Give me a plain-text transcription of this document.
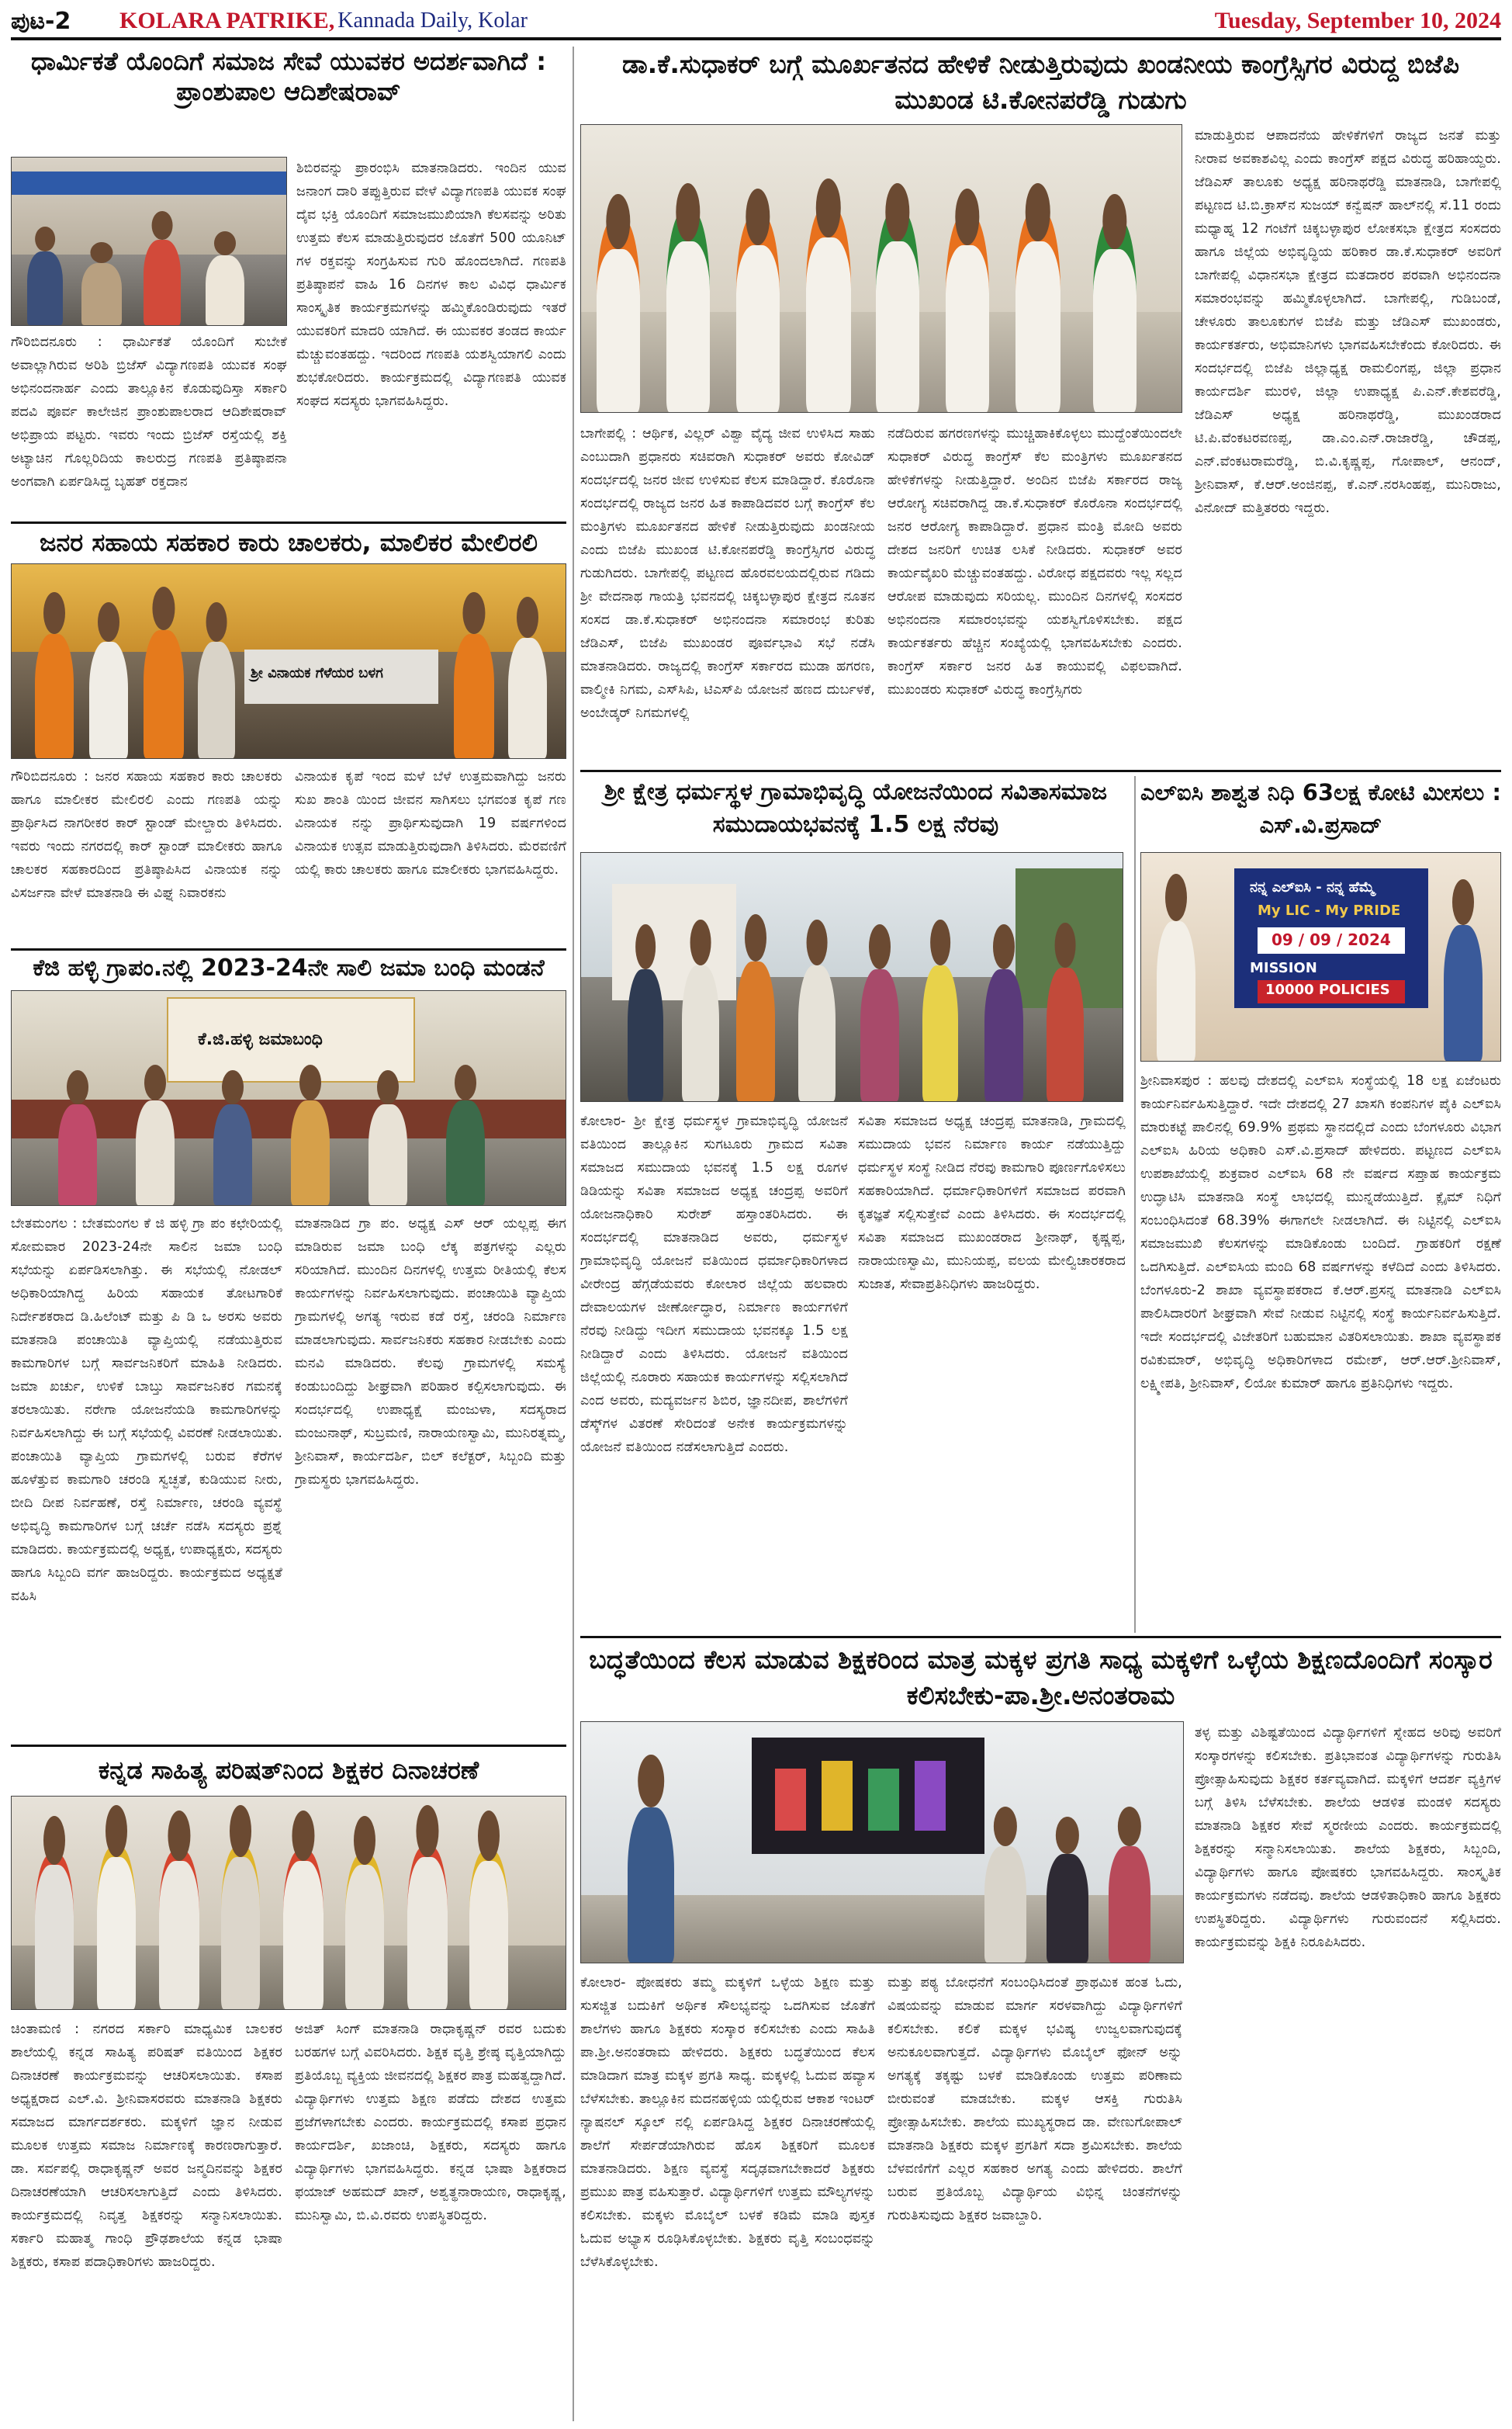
ಪುಟ-2	KOLARA PATRIKE, Kannada Daily, Kolar	Tuesday, September 10, 2024
ಧಾರ್ಮಿಕತೆ ಯೊಂದಿಗೆ ಸಮಾಜ ಸೇವೆ ಯುವಕರ ಅದರ್ಶವಾಗಿದೆ : ಪ್ರಾಂಶುಪಾಲ ಆದಿಶೇಷರಾವ್
ಗೌರಿಬಿದನೂರು : ಧಾರ್ಮಿಕತೆ ಯೊಂದಿಗೆ ಸುಬೇಕೆ ಅವಾಲ್ಲಾಗಿರುವ ಅರಿಶಿ ಬ್ರಿಜೆಸ್ ವಿದ್ಯಾಗಣಪತಿ ಯುವಕ ಸಂಘ ಅಭಿನಂದನಾರ್ಹ ಎಂದು ತಾಲ್ಲೂಕಿನ ಕೊಡುವುದಿಸ್ತಾ ಸರ್ಕಾರಿ ಪದವಿ ಪೂರ್ವ ಕಾಲೇಜಿನ ಪ್ರಾಂಶುಪಾಲರಾದ ಆದಿಶೇಷರಾವ್ ಅಭಿಪ್ರಾಯ ಪಟ್ಟರು. ಇವರು ಇಂದು ಬ್ರಿಜೆಸ್ ರಸ್ತೆಯಲ್ಲಿ ಶಕ್ತಿ ಅಟ್ಯಾಚಿನ ಗೊಲ್ಲರಿದಿಯ ಕಾಲರುದ್ರ ಗಣಪತಿ ಪ್ರತಿಷ್ಠಾಪನಾ ಅಂಗವಾಗಿ ಏರ್ಪಡಿಸಿದ್ದ ಬೃಹತ್ ರಕ್ತದಾನ
ಶಿಬಿರವನ್ನು ಪ್ರಾರಂಭಿಸಿ ಮಾತನಾಡಿದರು. ಇಂದಿನ ಯುವ ಜನಾಂಗ ದಾರಿ ತಪ್ಪುತ್ತಿರುವ ವೇಳೆ ವಿದ್ಯಾಗಣಪತಿ ಯುವಕ ಸಂಘ ದೈವ ಭಕ್ತಿ ಯೊಂದಿಗೆ ಸಮಾಜಮುಖಿಯಾಗಿ ಕೆಲಸವನ್ನು ಅರಿತು ಉತ್ತಮ ಕೆಲಸ ಮಾಡುತ್ತಿರುವುದರ ಜೊತೆಗೆ 500 ಯೂನಿಟ್ ಗಳ ರಕ್ತವನ್ನು ಸಂಗ್ರಹಿಸುವ ಗುರಿ ಹೊಂದಲಾಗಿದೆ. ಗಣಪತಿ ಪ್ರತಿಷ್ಠಾಪನೆ ವಾಹಿ 16 ದಿನಗಳ ಕಾಲ ವಿವಿಧ ಧಾರ್ಮಿಕ ಸಾಂಸ್ಕೃತಿಕ ಕಾರ್ಯಕ್ರಮಗಳನ್ನು ಹಮ್ಮಿಕೊಂಡಿರುವುದು ಇತರೆ ಯುವಕರಿಗೆ ಮಾದರಿ ಯಾಗಿದೆ. ಈ ಯುವಕರ ತಂಡದ ಕಾರ್ಯ ಮೆಚ್ಚುವಂತಹದ್ದು. ಇದರಿಂದ ಗಣಪತಿ ಯಶಸ್ವಿಯಾಗಲಿ ಎಂದು ಶುಭಕೋರಿದರು. ಕಾರ್ಯಕ್ರಮದಲ್ಲಿ ವಿದ್ಯಾಗಣಪತಿ ಯುವಕ ಸಂಘದ ಸದಸ್ಯರು ಭಾಗವಹಿಸಿದ್ದರು.
ಜನರ ಸಹಾಯ ಸಹಕಾರ ಕಾರು ಚಾಲಕರು, ಮಾಲಿಕರ ಮೇಲಿರಲಿ
ಶ್ರೀ ವಿನಾಯಕ ಗೆಳೆಯರ ಬಳಗ
ಗೌರಿಬಿದನೂರು : ಜನರ ಸಹಾಯ ಸಹಕಾರ ಕಾರು ಚಾಲಕರು ಹಾಗೂ ಮಾಲೀಕರ ಮೇಲಿರಲಿ ಎಂದು ಗಣಪತಿ ಯನ್ನು ಪ್ರಾರ್ಥಿಸಿದ ನಾಗರೀಕರ ಕಾರ್ ಸ್ಟಾಂಡ್ ಮೇಲ್ದಾರು ತಿಳಿಸಿದರು. ಇವರು ಇಂದು ನಗರದಲ್ಲಿ ಕಾರ್ ಸ್ಟಾಂಡ್ ಮಾಲೀಕರು ಹಾಗೂ ಚಾಲಕರ ಸಹಕಾರದಿಂದ ಪ್ರತಿಷ್ಠಾಪಿಸಿದ ವಿನಾಯಕ ನನ್ನು ವಿಸರ್ಜನಾ ವೇಳೆ ಮಾತನಾಡಿ ಈ ವಿಘ್ನ ನಿವಾರಕನು
ವಿನಾಯಕ ಕೃಪೆ ಇಂದ ಮಳೆ ಬೆಳೆ ಉತ್ತಮವಾಗಿದ್ದು ಜನರು ಸುಖ ಶಾಂತಿ ಯಿಂದ ಜೀವನ ಸಾಗಿಸಲು ಭಗವಂತ ಕೃಪೆ ಗಣ ವಿನಾಯಕ ನನ್ನು ಪ್ರಾರ್ಥಿಸುವುದಾಗಿ 19 ವರ್ಷಗಳಿಂದ ವಿನಾಯಕ ಉತ್ಸವ ಮಾಡುತ್ತಿರುವುದಾಗಿ ತಿಳಿಸಿದರು. ಮೆರವಣಿಗೆ ಯಲ್ಲಿ ಕಾರು ಚಾಲಕರು ಹಾಗೂ ಮಾಲೀಕರು ಭಾಗವಹಿಸಿದ್ದರು.
ಕೆಜಿ ಹಳ್ಳಿ ಗ್ರಾಪಂ.ನಲ್ಲಿ 2023-24ನೇ ಸಾಲಿ ಜಮಾ ಬಂಧಿ ಮಂಡನೆ
ಕೆ.ಜಿ.ಹಳ್ಳಿ ಜಮಾಬಂಧಿ
ಬೇತಮಂಗಲ : ಬೇತಮಂಗಲ ಕೆ ಜಿ ಹಳ್ಳಿ ಗ್ರಾ ಪಂ ಕಛೇರಿಯಲ್ಲಿ ಸೋಮವಾರ 2023-24ನೇ ಸಾಲಿನ ಜಮಾ ಬಂಧಿ ಸಭೆಯನ್ನು ಏರ್ಪಡಿಸಲಾಗಿತ್ತು. ಈ ಸಭೆಯಲ್ಲಿ ನೋಡಲ್ ಅಧಿಕಾರಿಯಾಗಿದ್ದ ಹಿರಿಯ ಸಹಾಯಕ ತೋಟಗಾರಿಕೆ ನಿರ್ದೇಶಕರಾದ ಡಿ.ಹಿಲೆಂಟ್ ಮತ್ತು ಪಿ ಡಿ ಒ ಅರಸು ಅವರು ಮಾತನಾಡಿ ಪಂಚಾಯಿತಿ ವ್ಯಾಪ್ತಿಯಲ್ಲಿ ನಡೆಯುತ್ತಿರುವ ಕಾಮಗಾರಿಗಳ ಬಗ್ಗೆ ಸಾರ್ವಜನಿಕರಿಗೆ ಮಾಹಿತಿ ನೀಡಿದರು. ಜಮಾ ಖರ್ಚು, ಉಳಿಕೆ ಬಾಬ್ತು ಸಾರ್ವಜನಿಕರ ಗಮನಕ್ಕೆ ತರಲಾಯಿತು. ನರೇಗಾ ಯೋಜನೆಯಡಿ ಕಾಮಗಾರಿಗಳನ್ನು ನಿರ್ವಹಿಸಲಾಗಿದ್ದು ಈ ಬಗ್ಗೆ ಸಭೆಯಲ್ಲಿ ವಿವರಣೆ ನೀಡಲಾಯಿತು. ಪಂಚಾಯಿತಿ ವ್ಯಾಪ್ತಿಯ ಗ್ರಾಮಗಳಲ್ಲಿ ಬರುವ ಕೆರೆಗಳ ಹೂಳೆತ್ತುವ ಕಾಮಗಾರಿ ಚರಂಡಿ ಸ್ವಚ್ಛತೆ, ಕುಡಿಯುವ ನೀರು, ಬೀದಿ ದೀಪ ನಿರ್ವಹಣೆ, ರಸ್ತೆ ನಿರ್ಮಾಣ, ಚರಂಡಿ ವ್ಯವಸ್ಥೆ ಅಭಿವೃದ್ಧಿ ಕಾಮಗಾರಿಗಳ ಬಗ್ಗೆ ಚರ್ಚೆ ನಡೆಸಿ ಸದಸ್ಯರು ಪ್ರಶ್ನೆ ಮಾಡಿದರು. ಕಾರ್ಯಕ್ರಮದಲ್ಲಿ ಅಧ್ಯಕ್ಷ, ಉಪಾಧ್ಯಕ್ಷರು, ಸದಸ್ಯರು ಹಾಗೂ ಸಿಬ್ಬಂದಿ ವರ್ಗ ಹಾಜರಿದ್ದರು. ಕಾರ್ಯಕ್ರಮದ ಅಧ್ಯಕ್ಷತೆ ವಹಿಸಿ
ಮಾತನಾಡಿದ ಗ್ರಾ ಪಂ. ಅಧ್ಯಕ್ಷ ಎಸ್ ಆರ್ ಯಲ್ಲಪ್ಪ ಈಗ ಮಾಡಿರುವ ಜಮಾ ಬಂಧಿ ಲೆಕ್ಕ ಪತ್ರಗಳನ್ನು ಎಲ್ಲರು ಸರಿಯಾಗಿದೆ. ಮುಂದಿನ ದಿನಗಳಲ್ಲಿ ಉತ್ತಮ ರೀತಿಯಲ್ಲಿ ಕೆಲಸ ಕಾರ್ಯಗಳನ್ನು ನಿರ್ವಹಿಸಲಾಗುವುದು. ಪಂಚಾಯಿತಿ ವ್ಯಾಪ್ತಿಯ ಗ್ರಾಮಗಳಲ್ಲಿ ಅಗತ್ಯ ಇರುವ ಕಡೆ ರಸ್ತೆ, ಚರಂಡಿ ನಿರ್ಮಾಣ ಮಾಡಲಾಗುವುದು. ಸಾರ್ವಜನಿಕರು ಸಹಕಾರ ನೀಡಬೇಕು ಎಂದು ಮನವಿ ಮಾಡಿದರು. ಕೆಲವು ಗ್ರಾಮಗಳಲ್ಲಿ ಸಮಸ್ಯೆ ಕಂಡುಬಂದಿದ್ದು ಶೀಘ್ರವಾಗಿ ಪರಿಹಾರ ಕಲ್ಪಿಸಲಾಗುವುದು. ಈ ಸಂದರ್ಭದಲ್ಲಿ ಉಪಾಧ್ಯಕ್ಷೆ ಮಂಜುಳಾ, ಸದಸ್ಯರಾದ ಮಂಜುನಾಥ್, ಸುಬ್ರಮಣಿ, ನಾರಾಯಣಸ್ವಾಮಿ, ಮುನಿರತ್ನಮ್ಮ, ಶ್ರೀನಿವಾಸ್, ಕಾರ್ಯದರ್ಶಿ, ಬಿಲ್ ಕಲೆಕ್ಟರ್, ಸಿಬ್ಬಂದಿ ಮತ್ತು ಗ್ರಾಮಸ್ಥರು ಭಾಗವಹಿಸಿದ್ದರು.
ಕನ್ನಡ ಸಾಹಿತ್ಯ ಪರಿಷತ್‌ನಿಂದ ಶಿಕ್ಷಕರ ದಿನಾಚರಣೆ
ಚಿಂತಾಮಣಿ : ನಗರದ ಸರ್ಕಾರಿ ಮಾಧ್ಯಮಿಕ ಬಾಲಕರ ಶಾಲೆಯಲ್ಲಿ ಕನ್ನಡ ಸಾಹಿತ್ಯ ಪರಿಷತ್ ವತಿಯಿಂದ ಶಿಕ್ಷಕರ ದಿನಾಚರಣೆ ಕಾರ್ಯಕ್ರಮವನ್ನು ಆಚರಿಸಲಾಯಿತು. ಕಸಾಪ ಅಧ್ಯಕ್ಷರಾದ ಎಲ್.ವಿ. ಶ್ರೀನಿವಾಸರವರು ಮಾತನಾಡಿ ಶಿಕ್ಷಕರು ಸಮಾಜದ ಮಾರ್ಗದರ್ಶಕರು. ಮಕ್ಕಳಿಗೆ ಜ್ಞಾನ ನೀಡುವ ಮೂಲಕ ಉತ್ತಮ ಸಮಾಜ ನಿರ್ಮಾಣಕ್ಕೆ ಕಾರಣರಾಗುತ್ತಾರೆ. ಡಾ. ಸರ್ವಪಲ್ಲಿ ರಾಧಾಕೃಷ್ಣನ್ ಅವರ ಜನ್ಮದಿನವನ್ನು ಶಿಕ್ಷಕರ ದಿನಾಚರಣೆಯಾಗಿ ಆಚರಿಸಲಾಗುತ್ತಿದೆ ಎಂದು ತಿಳಿಸಿದರು. ಕಾರ್ಯಕ್ರಮದಲ್ಲಿ ನಿವೃತ್ತ ಶಿಕ್ಷಕರನ್ನು ಸನ್ಮಾನಿಸಲಾಯಿತು. ಸರ್ಕಾರಿ ಮಹಾತ್ಮ ಗಾಂಧಿ ಪ್ರೌಢಶಾಲೆಯ ಕನ್ನಡ ಭಾಷಾ ಶಿಕ್ಷಕರು, ಕಸಾಪ ಪದಾಧಿಕಾರಿಗಳು ಹಾಜರಿದ್ದರು.
ಅಜಿತ್ ಸಿಂಗ್ ಮಾತನಾಡಿ ರಾಧಾಕೃಷ್ಣನ್ ರವರ ಬದುಕು ಬರಹಗಳ ಬಗ್ಗೆ ವಿವರಿಸಿದರು. ಶಿಕ್ಷಕ ವೃತ್ತಿ ಶ್ರೇಷ್ಠ ವೃತ್ತಿಯಾಗಿದ್ದು ಪ್ರತಿಯೊಬ್ಬ ವ್ಯಕ್ತಿಯ ಜೀವನದಲ್ಲಿ ಶಿಕ್ಷಕರ ಪಾತ್ರ ಮಹತ್ವದ್ದಾಗಿದೆ. ವಿದ್ಯಾರ್ಥಿಗಳು ಉತ್ತಮ ಶಿಕ್ಷಣ ಪಡೆದು ದೇಶದ ಉತ್ತಮ ಪ್ರಜೆಗಳಾಗಬೇಕು ಎಂದರು. ಕಾರ್ಯಕ್ರಮದಲ್ಲಿ ಕಸಾಪ ಪ್ರಧಾನ ಕಾರ್ಯದರ್ಶಿ, ಖಜಾಂಚಿ, ಶಿಕ್ಷಕರು, ಸದಸ್ಯರು ಹಾಗೂ ವಿದ್ಯಾರ್ಥಿಗಳು ಭಾಗವಹಿಸಿದ್ದರು. ಕನ್ನಡ ಭಾಷಾ ಶಿಕ್ಷಕರಾದ ಫಯಾಜ್ ಅಹಮದ್ ಖಾನ್, ಅಶ್ವತ್ಥನಾರಾಯಣ, ರಾಧಾಕೃಷ್ಣ, ಮುನಿಸ್ವಾಮಿ, ಬಿ.ವಿ.ರವರು ಉಪಸ್ಥಿತರಿದ್ದರು.
ಡಾ.ಕೆ.ಸುಧಾಕರ್ ಬಗ್ಗೆ ಮೂರ್ಖತನದ ಹೇಳಿಕೆ ನೀಡುತ್ತಿರುವುದು ಖಂಡನೀಯ ಕಾಂಗ್ರೆಸ್ಸಿಗರ ವಿರುದ್ದ ಬಿಜೆಪಿ ಮುಖಂಡ ಟಿ.ಕೋನಪರೆಡ್ಡಿ ಗುಡುಗು
ಬಾಗೇಪಲ್ಲಿ : ಆರ್ಥಿಕ, ವಿಲ್ಲರ್ ವಿಶ್ವಾ ವೈದ್ಯ ಜೀವ ಉಳಿಸಿದ ಸಾಹು ಎಂಬುದಾಗಿ ಪ್ರಧಾನರು ಸಚಿವರಾಗಿ ಸುಧಾಕರ್ ಅವರು ಕೋವಿಡ್ ಸಂದರ್ಭದಲ್ಲಿ ಜನರ ಜೀವ ಉಳಿಸುವ ಕೆಲಸ ಮಾಡಿದ್ದಾರೆ. ಕೊರೊನಾ ಸಂದರ್ಭದಲ್ಲಿ ರಾಜ್ಯದ ಜನರ ಹಿತ ಕಾಪಾಡಿದವರ ಬಗ್ಗೆ ಕಾಂಗ್ರೆಸ್ ಕೆಲ ಮಂತ್ರಿಗಳು ಮೂರ್ಖತನದ ಹೇಳಿಕೆ ನೀಡುತ್ತಿರುವುದು ಖಂಡನೀಯ ಎಂದು ಬಿಜೆಪಿ ಮುಖಂಡ ಟಿ.ಕೋನಪರೆಡ್ಡಿ ಕಾಂಗ್ರೆಸ್ಸಿಗರ ವಿರುದ್ಧ ಗುಡುಗಿದರು. ಬಾಗೇಪಲ್ಲಿ ಪಟ್ಟಣದ ಹೊರವಲಯದಲ್ಲಿರುವ ಗಡಿದು ಶ್ರೀ ವೇದನಾಥ ಗಾಯತ್ರಿ ಭವನದಲ್ಲಿ ಚಿಕ್ಕಬಳ್ಳಾಪುರ ಕ್ಷೇತ್ರದ ನೂತನ ಸಂಸದ ಡಾ.ಕೆ.ಸುಧಾಕರ್ ಅಭಿನಂದನಾ ಸಮಾರಂಭ ಕುರಿತು ಜೆಡಿಎಸ್, ಬಿಜೆಪಿ ಮುಖಂಡರ ಪೂರ್ವಭಾವಿ ಸಭೆ ನಡೆಸಿ ಮಾತನಾಡಿದರು. ರಾಜ್ಯದಲ್ಲಿ ಕಾಂಗ್ರೆಸ್ ಸರ್ಕಾರದ ಮುಡಾ ಹಗರಣ, ವಾಲ್ಮೀಕಿ ನಿಗಮ, ಎಸ್‌ಸಿಪಿ, ಟಿಎಸ್‌ಪಿ ಯೋಜನೆ ಹಣದ ದುರ್ಬಳಕೆ, ಅಂಬೇಡ್ಕರ್ ನಿಗಮಗಳಲ್ಲಿ
ನಡೆದಿರುವ ಹಗರಣಗಳನ್ನು ಮುಚ್ಚಿಹಾಕಿಕೊಳ್ಳಲು ಮುದ್ದೆಂತೆಯಿಂದಲೇ ಸುಧಾಕರ್ ವಿರುದ್ಧ ಕಾಂಗ್ರೆಸ್ ಕೆಲ ಮಂತ್ರಿಗಳು ಮೂರ್ಖತನದ ಹೇಳಿಕೆಗಳನ್ನು ನೀಡುತ್ತಿದ್ದಾರೆ. ಅಂದಿನ ಬಿಜೆಪಿ ಸರ್ಕಾರದ ರಾಜ್ಯ ಆರೋಗ್ಯ ಸಚಿವರಾಗಿದ್ದ ಡಾ.ಕೆ.ಸುಧಾಕರ್ ಕೊರೊನಾ ಸಂದರ್ಭದಲ್ಲಿ ಜನರ ಆರೋಗ್ಯ ಕಾಪಾಡಿದ್ದಾರೆ. ಪ್ರಧಾನ ಮಂತ್ರಿ ಮೋದಿ ಅವರು ದೇಶದ ಜನರಿಗೆ ಉಚಿತ ಲಸಿಕೆ ನೀಡಿದರು. ಸುಧಾಕರ್ ಅವರ ಕಾರ್ಯವೈಖರಿ ಮೆಚ್ಚುವಂತಹದ್ದು. ವಿರೋಧ ಪಕ್ಷದವರು ಇಲ್ಲ ಸಲ್ಲದ ಆರೋಪ ಮಾಡುವುದು ಸರಿಯಲ್ಲ. ಮುಂದಿನ ದಿನಗಳಲ್ಲಿ ಸಂಸದರ ಅಭಿನಂದನಾ ಸಮಾರಂಭವನ್ನು ಯಶಸ್ವಿಗೊಳಿಸಬೇಕು. ಪಕ್ಷದ ಕಾರ್ಯಕರ್ತರು ಹೆಚ್ಚಿನ ಸಂಖ್ಯೆಯಲ್ಲಿ ಭಾಗವಹಿಸಬೇಕು ಎಂದರು. ಕಾಂಗ್ರೆಸ್ ಸರ್ಕಾರ ಜನರ ಹಿತ ಕಾಯುವಲ್ಲಿ ವಿಫಲವಾಗಿದೆ. ಮುಖಂಡರು ಸುಧಾಕರ್ ವಿರುದ್ಧ ಕಾಂಗ್ರೆಸ್ಸಿಗರು
ಮಾಡುತ್ತಿರುವ ಆಪಾದನೆಯ ಹೇಳಿಕೆಗಳಿಗೆ ರಾಜ್ಯದ ಜನತೆ ಮತ್ತು ನೀರಾವ ಅವಕಾಶವಿಲ್ಲ ಎಂದು ಕಾಂಗ್ರೆಸ್ ಪಕ್ಷದ ವಿರುದ್ಧ ಹರಿಹಾಯ್ದರು. ಜೆಡಿಎಸ್ ತಾಲೂಕು ಅಧ್ಯಕ್ಷ ಹರಿನಾಥರೆಡ್ಡಿ ಮಾತನಾಡಿ, ಬಾಗೇಪಲ್ಲಿ ಪಟ್ಟಣದ ಟಿ.ಬಿ.ಕ್ರಾಸ್‌ನ ಸುಜಯ್ ಕನ್ವೆಷನ್ ಹಾಲ್‌ನಲ್ಲಿ ಸೆ.11 ರಂದು ಮಧ್ಯಾಹ್ನ 12 ಗಂಟೆಗೆ ಚಿಕ್ಕಬಳ್ಳಾಪುರ ಲೋಕಸಭಾ ಕ್ಷೇತ್ರದ ಸಂಸದರು ಹಾಗೂ ಜಿಲ್ಲೆಯ ಅಭಿವೃದ್ಧಿಯ ಹರಿಕಾರ ಡಾ.ಕೆ.ಸುಧಾಕರ್ ಅವರಿಗೆ ಬಾಗೇಪಲ್ಲಿ ವಿಧಾನಸಭಾ ಕ್ಷೇತ್ರದ ಮತದಾರರ ಪರವಾಗಿ ಅಭಿನಂದನಾ ಸಮಾರಂಭವನ್ನು ಹಮ್ಮಿಕೊಳ್ಳಲಾಗಿದೆ. ಬಾಗೇಪಲ್ಲಿ, ಗುಡಿಬಂಡೆ, ಚೇಳೂರು ತಾಲೂಕುಗಳ ಬಿಜೆಪಿ ಮತ್ತು ಜೆಡಿಎಸ್ ಮುಖಂಡರು, ಕಾರ್ಯಕರ್ತರು, ಅಭಿಮಾನಿಗಳು ಭಾಗವಹಿಸಬೇಕೆಂದು ಕೋರಿದರು. ಈ ಸಂದರ್ಭದಲ್ಲಿ ಬಿಜೆಪಿ ಜಿಲ್ಲಾಧ್ಯಕ್ಷ ರಾಮಲಿಂಗಪ್ಪ, ಜಿಲ್ಲಾ ಪ್ರಧಾನ ಕಾರ್ಯದರ್ಶಿ ಮುರಳಿ, ಜಿಲ್ಲಾ ಉಪಾಧ್ಯಕ್ಷ ಪಿ.ಎನ್.ಕೇಶವರೆಡ್ಡಿ, ಜೆಡಿಎಸ್ ಅಧ್ಯಕ್ಷ ಹರಿನಾಥರೆಡ್ಡಿ, ಮುಖಂಡರಾದ ಟಿ.ಪಿ.ವೆಂಕಟರವಣಪ್ಪ, ಡಾ.ಎಂ.ಎನ್.ರಾಜಾರೆಡ್ಡಿ, ಚೌಡಪ್ಪ, ಎನ್.ವೆಂಕಟರಾಮರೆಡ್ಡಿ, ಬಿ.ವಿ.ಕೃಷ್ಣಪ್ಪ, ಗೋಪಾಲ್, ಆನಂದ್, ಶ್ರೀನಿವಾಸ್, ಕೆ.ಆರ್.ಅಂಜಿನಪ್ಪ, ಕೆ.ಎನ್.ನರಸಿಂಹಪ್ಪ, ಮುನಿರಾಜು, ವಿನೋದ್ ಮತ್ತಿತರರು ಇದ್ದರು.
ಶ್ರೀ ಕ್ಷೇತ್ರ ಧರ್ಮಸ್ಥಳ ಗ್ರಾಮಾಭಿವೃದ್ಧಿ ಯೋಜನೆಯಿಂದ ಸವಿತಾಸಮಾಜ ಸಮುದಾಯಭವನಕ್ಕೆ 1.5 ಲಕ್ಷ ನೆರವು
ಕೋಲಾರ- ಶ್ರೀ ಕ್ಷೇತ್ರ ಧರ್ಮಸ್ಥಳ ಗ್ರಾಮಾಭಿವೃದ್ಧಿ ಯೋಜನೆ ವತಿಯಿಂದ ತಾಲ್ಲೂಕಿನ ಸುಗಟೂರು ಗ್ರಾಮದ ಸವಿತಾ ಸಮಾಜದ ಸಮುದಾಯ ಭವನಕ್ಕೆ 1.5 ಲಕ್ಷ ರೂಗಳ ಡಿಡಿಯನ್ನು ಸವಿತಾ ಸಮಾಜದ ಅಧ್ಯಕ್ಷ ಚಂದ್ರಪ್ಪ ಅವರಿಗೆ ಯೋಜನಾಧಿಕಾರಿ ಸುರೇಶ್ ಹಸ್ತಾಂತರಿಸಿದರು. ಈ ಸಂದರ್ಭದಲ್ಲಿ ಮಾತನಾಡಿದ ಅವರು, ಧರ್ಮಸ್ಥಳ ಗ್ರಾಮಾಭಿವೃದ್ಧಿ ಯೋಜನೆ ವತಿಯಿಂದ ಧರ್ಮಾಧಿಕಾರಿಗಳಾದ ವೀರೇಂದ್ರ ಹೆಗ್ಗಡೆಯವರು ಕೋಲಾರ ಜಿಲ್ಲೆಯ ಹಲವಾರು ದೇವಾಲಯಗಳ ಜೀರ್ಣೋದ್ಧಾರ, ನಿರ್ಮಾಣ ಕಾರ್ಯಗಳಿಗೆ ನೆರವು ನೀಡಿದ್ದು ಇದೀಗ ಸಮುದಾಯ ಭವನಕ್ಕೂ 1.5 ಲಕ್ಷ ನೀಡಿದ್ದಾರೆ ಎಂದು ತಿಳಿಸಿದರು. ಯೋಜನೆ ವತಿಯಿಂದ ಜಿಲ್ಲೆಯಲ್ಲಿ ನೂರಾರು ಸಹಾಯಕ ಕಾರ್ಯಗಳನ್ನು ಸಲ್ಲಿಸಲಾಗಿದೆ ಎಂದ ಅವರು, ಮದ್ಯವರ್ಜನ ಶಿಬಿರ, ಜ್ಞಾನದೀಪ, ಶಾಲೆಗಳಿಗೆ ಡೆಸ್ಕ್‌ಗಳ ವಿತರಣೆ ಸೇರಿದಂತೆ ಅನೇಕ ಕಾರ್ಯಕ್ರಮಗಳನ್ನು ಯೋಜನೆ ವತಿಯಿಂದ ನಡೆಸಲಾಗುತ್ತಿದೆ ಎಂದರು.
ಸವಿತಾ ಸಮಾಜದ ಅಧ್ಯಕ್ಷ ಚಂದ್ರಪ್ಪ ಮಾತನಾಡಿ, ಗ್ರಾಮದಲ್ಲಿ ಸಮುದಾಯ ಭವನ ನಿರ್ಮಾಣ ಕಾರ್ಯ ನಡೆಯುತ್ತಿದ್ದು ಧರ್ಮಸ್ಥಳ ಸಂಸ್ಥೆ ನೀಡಿದ ನೆರವು ಕಾಮಗಾರಿ ಪೂರ್ಣಗೊಳಿಸಲು ಸಹಕಾರಿಯಾಗಿದೆ. ಧರ್ಮಾಧಿಕಾರಿಗಳಿಗೆ ಸಮಾಜದ ಪರವಾಗಿ ಕೃತಜ್ಞತೆ ಸಲ್ಲಿಸುತ್ತೇವೆ ಎಂದು ತಿಳಿಸಿದರು. ಈ ಸಂದರ್ಭದಲ್ಲಿ ಸವಿತಾ ಸಮಾಜದ ಮುಖಂಡರಾದ ಶ್ರೀನಾಥ್, ಕೃಷ್ಣಪ್ಪ, ನಾರಾಯಣಸ್ವಾಮಿ, ಮುನಿಯಪ್ಪ, ವಲಯ ಮೇಲ್ವಿಚಾರಕರಾದ ಸುಜಾತ, ಸೇವಾಪ್ರತಿನಿಧಿಗಳು ಹಾಜರಿದ್ದರು.
ಎಲ್‌ಐಸಿ ಶಾಶ್ವತ ನಿಧಿ 63ಲಕ್ಷ ಕೋಟಿ ಮೀಸಲು : ಎಸ್.ವಿ.ಪ್ರಸಾದ್
ನನ್ನ ಎಲ್‌ಐಸಿ - ನನ್ನ ಹೆಮ್ಮೆ
My LIC - My PRIDE
09 / 09 / 2024
MISSION
10000 POLICIES
ಶ್ರೀನಿವಾಸಪುರ : ಹಲವು ದೇಶದಲ್ಲಿ ಎಲ್‌ಐಸಿ ಸಂಸ್ಥೆಯಲ್ಲಿ 18 ಲಕ್ಷ ಏಜೆಂಟರು ಕಾರ್ಯನಿರ್ವಹಿಸುತ್ತಿದ್ದಾರೆ. ಇದೇ ದೇಶದಲ್ಲಿ 27 ಖಾಸಗಿ ಕಂಪನಿಗಳ ಪೈಕಿ ಎಲ್‌ಐಸಿ ಮಾರುಕಟ್ಟೆ ಪಾಲಿನಲ್ಲಿ 69.9% ಪ್ರಥಮ ಸ್ಥಾನದಲ್ಲಿದೆ ಎಂದು ಬೆಂಗಳೂರು ವಿಭಾಗ ಎಲ್‌ಐಸಿ ಹಿರಿಯ ಅಧಿಕಾರಿ ಎಸ್.ವಿ.ಪ್ರಸಾದ್ ಹೇಳಿದರು. ಪಟ್ಟಣದ ಎಲ್‌ಐಸಿ ಉಪಶಾಖೆಯಲ್ಲಿ ಶುಕ್ರವಾರ ಎಲ್‌ಐಸಿ 68 ನೇ ವರ್ಷದ ಸಪ್ತಾಹ ಕಾರ್ಯಕ್ರಮ ಉದ್ಘಾಟಿಸಿ ಮಾತನಾಡಿ ಸಂಸ್ಥೆ ಲಾಭದಲ್ಲಿ ಮುನ್ನಡೆಯುತ್ತಿದೆ. ಕ್ಲೈಮ್ ನಿಧಿಗೆ ಸಂಬಂಧಿಸಿದಂತೆ 68.39% ಈಗಾಗಲೇ ನೀಡಲಾಗಿದೆ. ಈ ನಿಟ್ಟಿನಲ್ಲಿ ಎಲ್‌ಐಸಿ ಸಮಾಜಮುಖಿ ಕೆಲಸಗಳನ್ನು ಮಾಡಿಕೊಂಡು ಬಂದಿದೆ. ಗ್ರಾಹಕರಿಗೆ ರಕ್ಷಣೆ ಒದಗಿಸುತ್ತಿದೆ. ಎಲ್‌ಐಸಿಯ ಮಂದಿ 68 ವರ್ಷಗಳನ್ನು ಕಳೆದಿದೆ ಎಂದು ತಿಳಿಸಿದರು. ಬೆಂಗಳೂರು-2 ಶಾಖಾ ವ್ಯವಸ್ಥಾಪಕರಾದ ಕೆ.ಆರ್.ಪ್ರಸನ್ನ ಮಾತನಾಡಿ ಎಲ್‌ಐಸಿ ಪಾಲಿಸಿದಾರರಿಗೆ ಶೀಘ್ರವಾಗಿ ಸೇವೆ ನೀಡುವ ನಿಟ್ಟಿನಲ್ಲಿ ಸಂಸ್ಥೆ ಕಾರ್ಯನಿರ್ವಹಿಸುತ್ತಿದೆ. ಇದೇ ಸಂದರ್ಭದಲ್ಲಿ ವಿಜೇತರಿಗೆ ಬಹುಮಾನ ವಿತರಿಸಲಾಯಿತು. ಶಾಖಾ ವ್ಯವಸ್ಥಾಪಕ ರವಿಕುಮಾರ್, ಅಭಿವೃದ್ಧಿ ಅಧಿಕಾರಿಗಳಾದ ರಮೇಶ್, ಆರ್.ಆರ್.ಶ್ರೀನಿವಾಸ್, ಲಕ್ಷ್ಮೀಪತಿ, ಶ್ರೀನಿವಾಸ್, ಲಿಯೋ ಕುಮಾರ್ ಹಾಗೂ ಪ್ರತಿನಿಧಿಗಳು ಇದ್ದರು.
ಬದ್ಧತೆಯಿಂದ ಕೆಲಸ ಮಾಡುವ ಶಿಕ್ಷಕರಿಂದ ಮಾತ್ರ ಮಕ್ಕಳ ಪ್ರಗತಿ ಸಾಧ್ಯ ಮಕ್ಕಳಿಗೆ ಒಳ್ಳೆಯ ಶಿಕ್ಷಣದೊಂದಿಗೆ ಸಂಸ್ಕಾರ ಕಲಿಸಬೇಕು-ಪಾ.ಶ್ರೀ.ಅನಂತರಾಮ
ಕೋಲಾರ- ಪೋಷಕರು ತಮ್ಮ ಮಕ್ಕಳಿಗೆ ಒಳ್ಳೆಯ ಶಿಕ್ಷಣ ಮತ್ತು ಸುಸಜ್ಜಿತ ಬದುಕಿಗೆ ಅರ್ಥಿಕ ಸೌಲಭ್ಯವನ್ನು ಒದಗಿಸುವ ಜೊತೆಗೆ ಶಾಲೆಗಳು ಹಾಗೂ ಶಿಕ್ಷಕರು ಸಂಸ್ಕಾರ ಕಲಿಸಬೇಕು ಎಂದು ಸಾಹಿತಿ ಪಾ.ಶ್ರೀ.ಅನಂತರಾಮ ಹೇಳಿದರು. ಶಿಕ್ಷಕರು ಬದ್ಧತೆಯಿಂದ ಕೆಲಸ ಮಾಡಿದಾಗ ಮಾತ್ರ ಮಕ್ಕಳ ಪ್ರಗತಿ ಸಾಧ್ಯ. ಮಕ್ಕಳಲ್ಲಿ ಓದುವ ಹವ್ಯಾಸ ಬೆಳೆಸಬೇಕು. ತಾಲ್ಲೂಕಿನ ಮದನಹಳ್ಳಿಯ ಯಲ್ಲಿರುವ ಆಕಾಶ ಇಂಟರ್ ನ್ಯಾಷನಲ್ ಸ್ಕೂಲ್ ನಲ್ಲಿ ಏರ್ಪಡಿಸಿದ್ದ ಶಿಕ್ಷಕರ ದಿನಾಚರಣೆಯಲ್ಲಿ ಶಾಲೆಗೆ ಸೇರ್ಪಡೆಯಾಗಿರುವ ಹೊಸ ಶಿಕ್ಷಕರಿಗೆ ಮೂಲಕ ಮಾತನಾಡಿದರು. ಶಿಕ್ಷಣ ವ್ಯವಸ್ಥೆ ಸದೃಢವಾಗಬೇಕಾದರೆ ಶಿಕ್ಷಕರು ಪ್ರಮುಖ ಪಾತ್ರ ವಹಿಸುತ್ತಾರೆ. ವಿದ್ಯಾರ್ಥಿಗಳಿಗೆ ಉತ್ತಮ ಮೌಲ್ಯಗಳನ್ನು ಕಲಿಸಬೇಕು. ಮಕ್ಕಳು ಮೊಬೈಲ್ ಬಳಕೆ ಕಡಿಮೆ ಮಾಡಿ ಪುಸ್ತಕ ಓದುವ ಅಭ್ಯಾಸ ರೂಢಿಸಿಕೊಳ್ಳಬೇಕು. ಶಿಕ್ಷಕರು ವೃತ್ತಿ ಸಂಬಂಧವನ್ನು ಬೆಳೆಸಿಕೊಳ್ಳಬೇಕು.
ಮತ್ತು ಪಠ್ಯ ಬೋಧನೆಗೆ ಸಂಬಂಧಿಸಿದಂತೆ ಪ್ರಾಥಮಿಕ ಹಂತ ಓದು, ವಿಷಯವನ್ನು ಮಾಡುವ ಮಾರ್ಗ ಸರಳವಾಗಿದ್ದು ವಿದ್ಯಾರ್ಥಿಗಳಿಗೆ ಕಲಿಸಬೇಕು. ಕಲಿಕೆ ಮಕ್ಕಳ ಭವಿಷ್ಯ ಉಜ್ವಲವಾಗುವುದಕ್ಕೆ ಅನುಕೂಲವಾಗುತ್ತದೆ. ವಿದ್ಯಾರ್ಥಿಗಳು ಮೊಬೈಲ್ ಫೋನ್ ಅನ್ನು ಅಗತ್ಯಕ್ಕೆ ತಕ್ಕಷ್ಟು ಬಳಕೆ ಮಾಡಿಕೊಂಡು ಉತ್ತಮ ಪರಿಣಾಮ ಬೀರುವಂತೆ ಮಾಡಬೇಕು. ಮಕ್ಕಳ ಆಸಕ್ತಿ ಗುರುತಿಸಿ ಪ್ರೋತ್ಸಾಹಿಸಬೇಕು. ಶಾಲೆಯ ಮುಖ್ಯಸ್ಥರಾದ ಡಾ. ವೇಣುಗೋಪಾಲ್ ಮಾತನಾಡಿ ಶಿಕ್ಷಕರು ಮಕ್ಕಳ ಪ್ರಗತಿಗೆ ಸದಾ ಶ್ರಮಿಸಬೇಕು. ಶಾಲೆಯ ಬೆಳವಣಿಗೆಗೆ ಎಲ್ಲರ ಸಹಕಾರ ಅಗತ್ಯ ಎಂದು ಹೇಳಿದರು. ಶಾಲೆಗೆ ಬರುವ ಪ್ರತಿಯೊಬ್ಬ ವಿದ್ಯಾರ್ಥಿಯ ವಿಭಿನ್ನ ಚಿಂತನೆಗಳನ್ನು ಗುರುತಿಸುವುದು ಶಿಕ್ಷಕರ ಜವಾಬ್ದಾರಿ.
ತಳ್ಳ ಮತ್ತು ವಿಶಿಷ್ಟತೆಯಿಂದ ವಿದ್ಯಾರ್ಥಿಗಳಿಗೆ ಸ್ನೇಹದ ಅರಿವು ಅವರಿಗೆ ಸಂಸ್ಕಾರಗಳನ್ನು ಕಲಿಸಬೇಕು. ಪ್ರತಿಭಾವಂತ ವಿದ್ಯಾರ್ಥಿಗಳನ್ನು ಗುರುತಿಸಿ ಪ್ರೋತ್ಸಾಹಿಸುವುದು ಶಿಕ್ಷಕರ ಕರ್ತವ್ಯವಾಗಿದೆ. ಮಕ್ಕಳಿಗೆ ಆದರ್ಶ ವ್ಯಕ್ತಿಗಳ ಬಗ್ಗೆ ತಿಳಿಸಿ ಬೆಳೆಸಬೇಕು. ಶಾಲೆಯ ಆಡಳಿತ ಮಂಡಳಿ ಸದಸ್ಯರು ಮಾತನಾಡಿ ಶಿಕ್ಷಕರ ಸೇವೆ ಸ್ಮರಣೀಯ ಎಂದರು. ಕಾರ್ಯಕ್ರಮದಲ್ಲಿ ಶಿಕ್ಷಕರನ್ನು ಸನ್ಮಾನಿಸಲಾಯಿತು. ಶಾಲೆಯ ಶಿಕ್ಷಕರು, ಸಿಬ್ಬಂದಿ, ವಿದ್ಯಾರ್ಥಿಗಳು ಹಾಗೂ ಪೋಷಕರು ಭಾಗವಹಿಸಿದ್ದರು. ಸಾಂಸ್ಕೃತಿಕ ಕಾರ್ಯಕ್ರಮಗಳು ನಡೆದವು. ಶಾಲೆಯ ಆಡಳಿತಾಧಿಕಾರಿ ಹಾಗೂ ಶಿಕ್ಷಕರು ಉಪಸ್ಥಿತರಿದ್ದರು. ವಿದ್ಯಾರ್ಥಿಗಳು ಗುರುವಂದನೆ ಸಲ್ಲಿಸಿದರು. ಕಾರ್ಯಕ್ರಮವನ್ನು ಶಿಕ್ಷಕಿ ನಿರೂಪಿಸಿದರು.
